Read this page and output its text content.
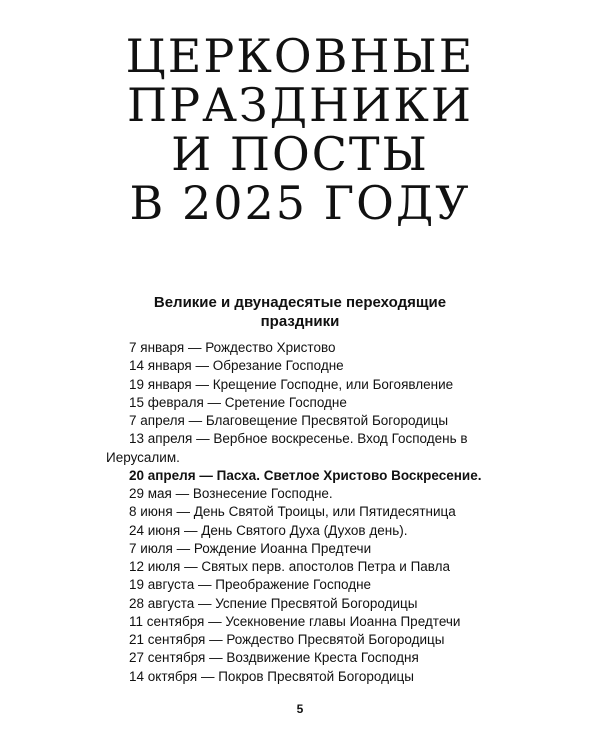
ЦЕРКОВНЫЕ
ПРАЗДНИКИ
И ПОСТЫ
В 2025 ГОДУ
Великие и двунадесятые переходящие
праздники
7 января — Рождество Христово
14 января — Обрезание Господне
19 января — Крещение Господне, или Богоявление
15 февраля — Сретение Господне
7 апреля — Благовещение Пресвятой Богородицы
13 апреля — Вербное воскресенье. Вход Господень в
Иерусалим.
20 апреля — Пасха. Светлое Христово Воскресение.
29 мая — Вознесение Господне.
8 июня — День Святой Троицы, или Пятидесятница
24 июня — День Святого Духа (Духов день).
7 июля — Рождение Иоанна Предтечи
12 июля — Святых перв. апостолов Петра и Павла
19 августа — Преображение Господне
28 августа — Успение Пресвятой Богородицы
11 сентября — Усекновение главы Иоанна Предтечи
21 сентября — Рождество Пресвятой Богородицы
27 сентября — Воздвижение Креста Господня
14 октября — Покров Пресвятой Богородицы
5
